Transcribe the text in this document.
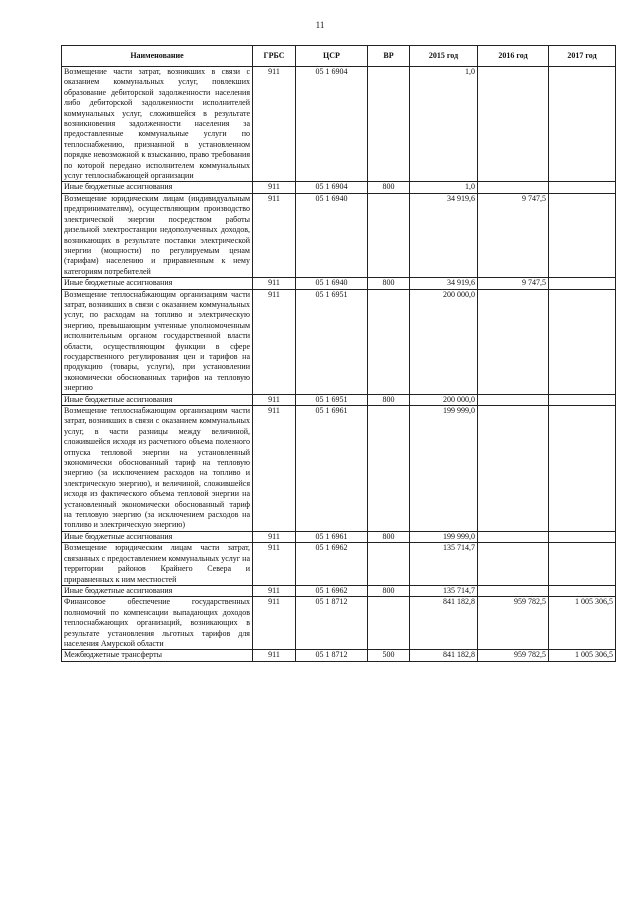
11
Наименование	ГРБС	ЦСР	ВР	2015 год	2016 год	2017 год
Возмещение части затрат, возникших в связи с оказанием коммунальных услуг, повлекших образование дебиторской задолженности населения либо дебиторской задолженности исполнителей коммунальных услуг, сложившейся в результате возникновения задолженности населения за предоставленные коммунальные услуги по теплоснабжению, признанной в установленном порядке невозможной к взысканию, право требования по которой передано исполнителем коммунальных услуг теплоснабжающей организации	911	05 1 6904		1,0		
Иные бюджетные ассигнования	911	05 1 6904	800	1,0		
Возмещение юридическим лицам (индивидуальным предпринимателям), осуществляющим производство электрической энергии посредством работы дизельной электростанции недополученных доходов, возникающих в результате поставки электрической энергии (мощности) по регулируемым ценам (тарифам) населению и приравненным к нему категориям потребителей	911	05 1 6940		34 919,6	9 747,5	
Иные бюджетные ассигнования	911	05 1 6940	800	34 919,6	9 747,5	
Возмещение теплоснабжающим организациям части затрат, возникших в связи с оказанием коммунальных услуг, по расходам на топливо и электрическую энергию, превышающим учтенные уполномоченным исполнительным органом государственной власти области, осуществляющим функции в сфере государственного регулирования цен и тарифов на продукцию (товары, услуги), при установлении экономически обоснованных тарифов на тепловую энергию	911	05 1 6951		200 000,0		
Иные бюджетные ассигнования	911	05 1 6951	800	200 000,0		
Возмещение теплоснабжающим организациям части затрат, возникших в связи с оказанием коммунальных услуг, в части разницы между величиной, сложившейся исходя из расчетного объема полезного отпуска тепловой энергии на установленный экономически обоснованный тариф на тепловую энергию (за исключением расходов на топливо и электрическую энергию), и величиной, сложившейся исходя из фактического объема тепловой энергии на установленный экономически обоснованный тариф на тепловую энергию (за исключением расходов на топливо и электрическую энергию)	911	05 1 6961		199 999,0		
Иные бюджетные ассигнования	911	05 1 6961	800	199 999,0		
Возмещение юридическим лицам части затрат, связанных с предоставлением коммунальных услуг на территории районов Крайнего Севера и приравненных к ним местностей	911	05 1 6962		135 714,7		
Иные бюджетные ассигнования	911	05 1 6962	800	135 714,7		
Финансовое обеспечение государственных полномочий по компенсации выпадающих доходов теплоснабжающих организаций, возникающих в результате установления льготных тарифов для населения Амурской области	911	05 1 8712		841 182,8	959 782,5	1 005 306,5
Межбюджетные трансферты	911	05 1 8712	500	841 182,8	959 782,5	1 005 306,5
